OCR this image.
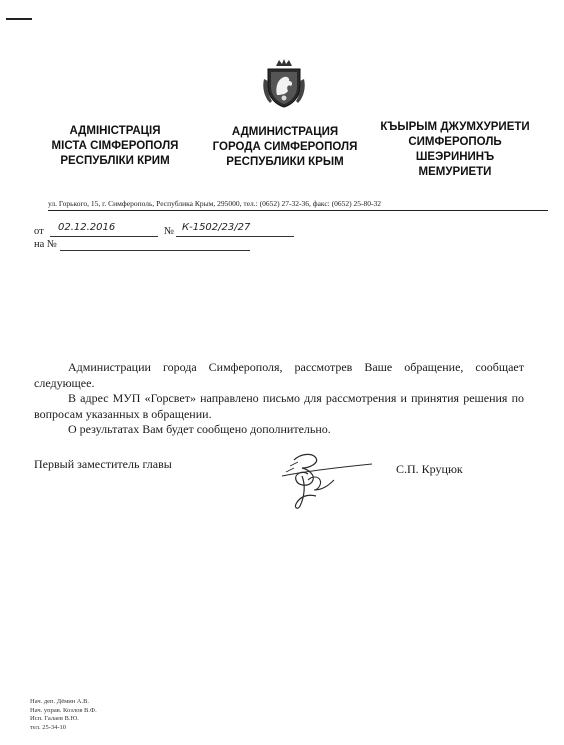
АДМІНІСТРАЦІЯ
МІСТА СІМФЕРОПОЛЯ
РЕСПУБЛІКИ КРИМ
АДМИНИСТРАЦИЯ
ГОРОДА СИМФЕРОПОЛЯ
РЕСПУБЛИКИ КРЫМ
КЪЫРЫМ ДЖУМХУРИЕТИ
СИМФЕРОПОЛЬ
ШЕЭРИНИНЪ
МЕМУРИЕТИ
ул. Горького, 15, г. Симферополь, Республика Крым, 295000, тел.: (0652) 27-32-36, факс: (0652) 25-80-32
от 02.12.2016	№ К-1502/23/27
на №

Администрации города Симферополя, рассмотрев Ваше обращение, сообщает следующее.

В адрес МУП «Горсвет» направлено письмо для рассмотрения и принятия решения по вопросам указанных в обращении.

О результатах Вам будет сообщено дополнительно.

Первый заместитель главы	С.П. Круцюк
Нач. деп. Дёмин А.В.
Нач. управ. Козлов В.Ф.
Исп. Галаев В.Ю.
тел. 25-34-10
